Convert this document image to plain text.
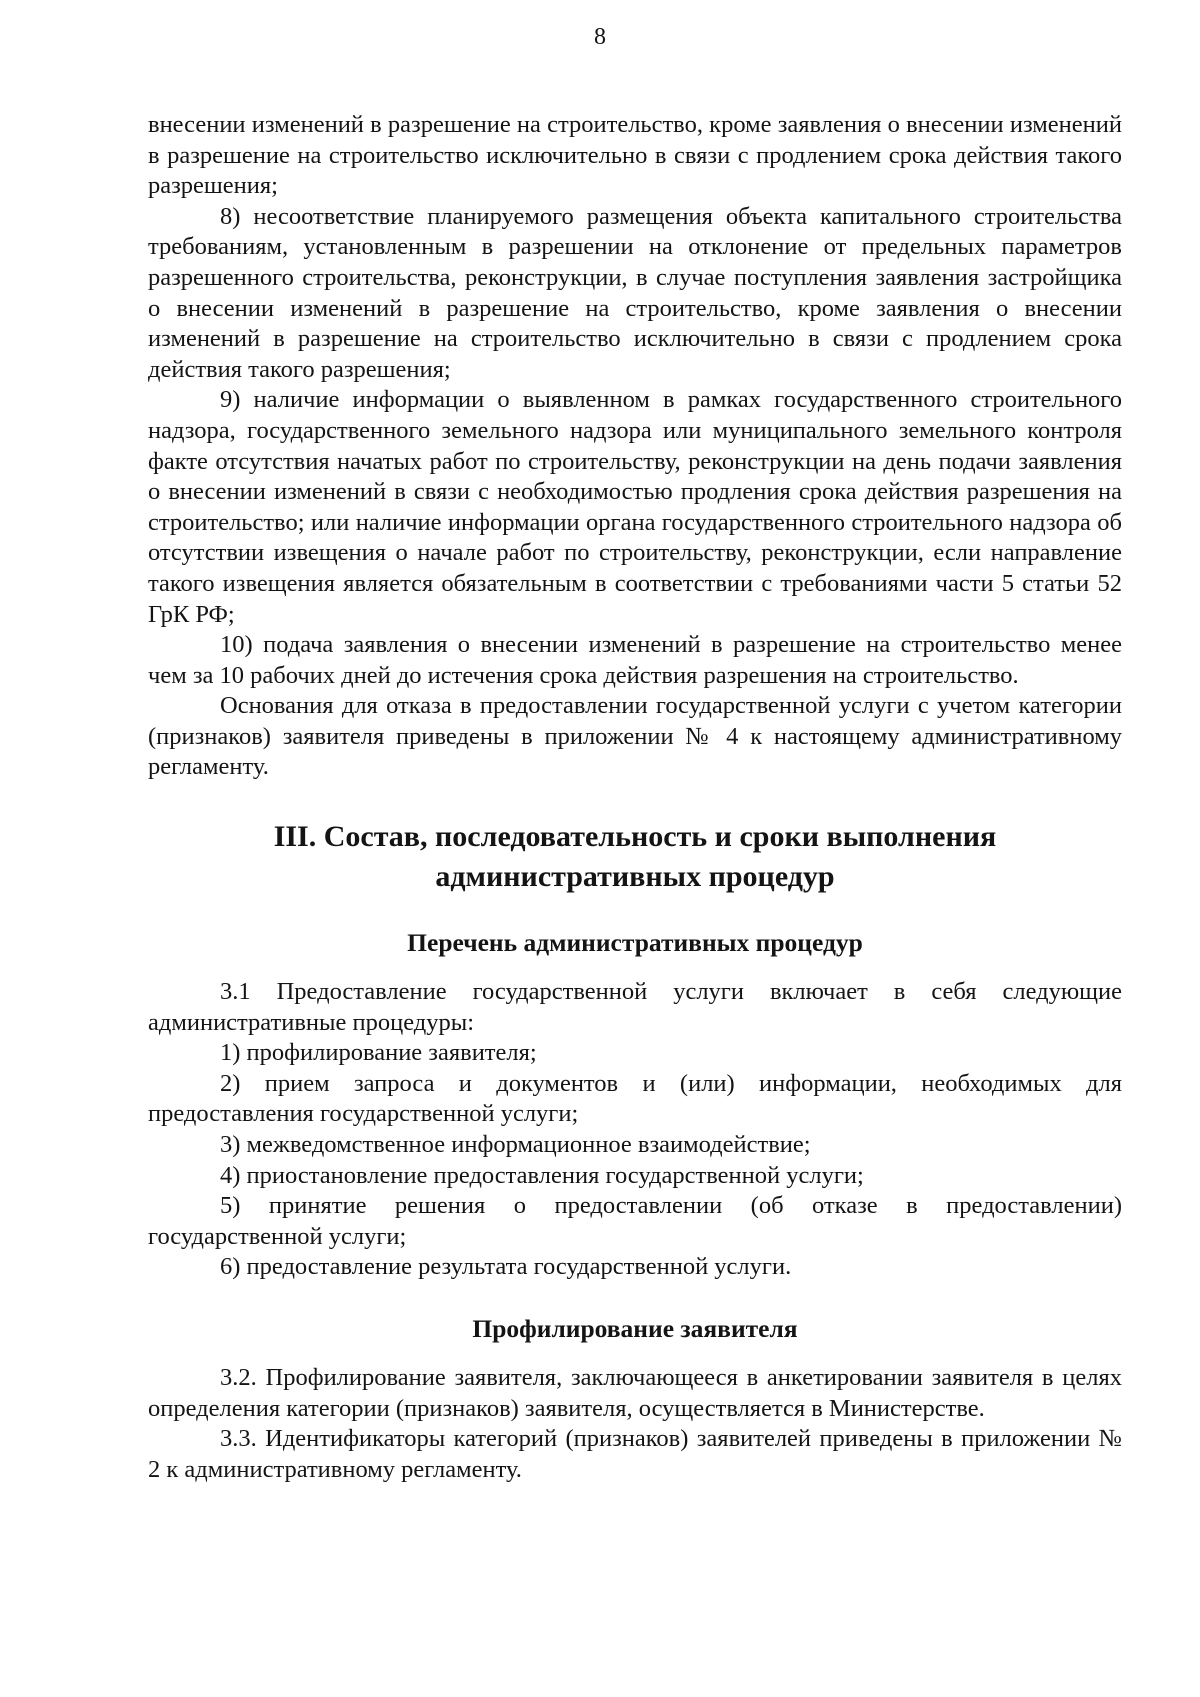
8

внесении изменений в разрешение на строительство, кроме заявления о внесении изменений в разрешение на строительство исключительно в связи с продлением срока действия такого разрешения;

8) несоответствие планируемого размещения объекта капитального строительства требованиям, установленным в разрешении на отклонение от предельных параметров разрешенного строительства, реконструкции, в случае поступления заявления застройщика о внесении изменений в разрешение на строительство, кроме заявления о внесении изменений в разрешение на строительство исключительно в связи с продлением срока действия такого разрешения;

9) наличие информации о выявленном в рамках государственного строительного надзора, государственного земельного надзора или муниципального земельного контроля факте отсутствия начатых работ по строительству, реконструкции на день подачи заявления о внесении изменений в связи с необходимостью продления срока действия разрешения на строительство; или наличие информации органа государственного строительного надзора об отсутствии извещения о начале работ по строительству, реконструкции, если направление такого извещения является обязательным в соответствии с требованиями части 5 статьи 52 ГрК РФ;

10) подача заявления о внесении изменений в разрешение на строительство менее чем за 10 рабочих дней до истечения срока действия разрешения на строительство.

Основания для отказа в предоставлении государственной услуги с учетом категории (признаков) заявителя приведены в приложении № 4 к настоящему административному регламенту.

III. Состав, последовательность и сроки выполнения
административных процедур
Перечень административных процедур

3.1 Предоставление государственной услуги включает в себя следующие административные процедуры:

1) профилирование заявителя;

2) прием запроса и документов и (или) информации, необходимых для предоставления государственной услуги;

3) межведомственное информационное взаимодействие;

4) приостановление предоставления государственной услуги;

5) принятие решения о предоставлении (об отказе в предоставлении) государственной услуги;

6) предоставление результата государственной услуги.

Профилирование заявителя

3.2. Профилирование заявителя, заключающееся в анкетировании заявителя в целях определения категории (признаков) заявителя, осуществляется в Министерстве.

3.3. Идентификаторы категорий (признаков) заявителей приведены в приложении № 2 к административному регламенту.
